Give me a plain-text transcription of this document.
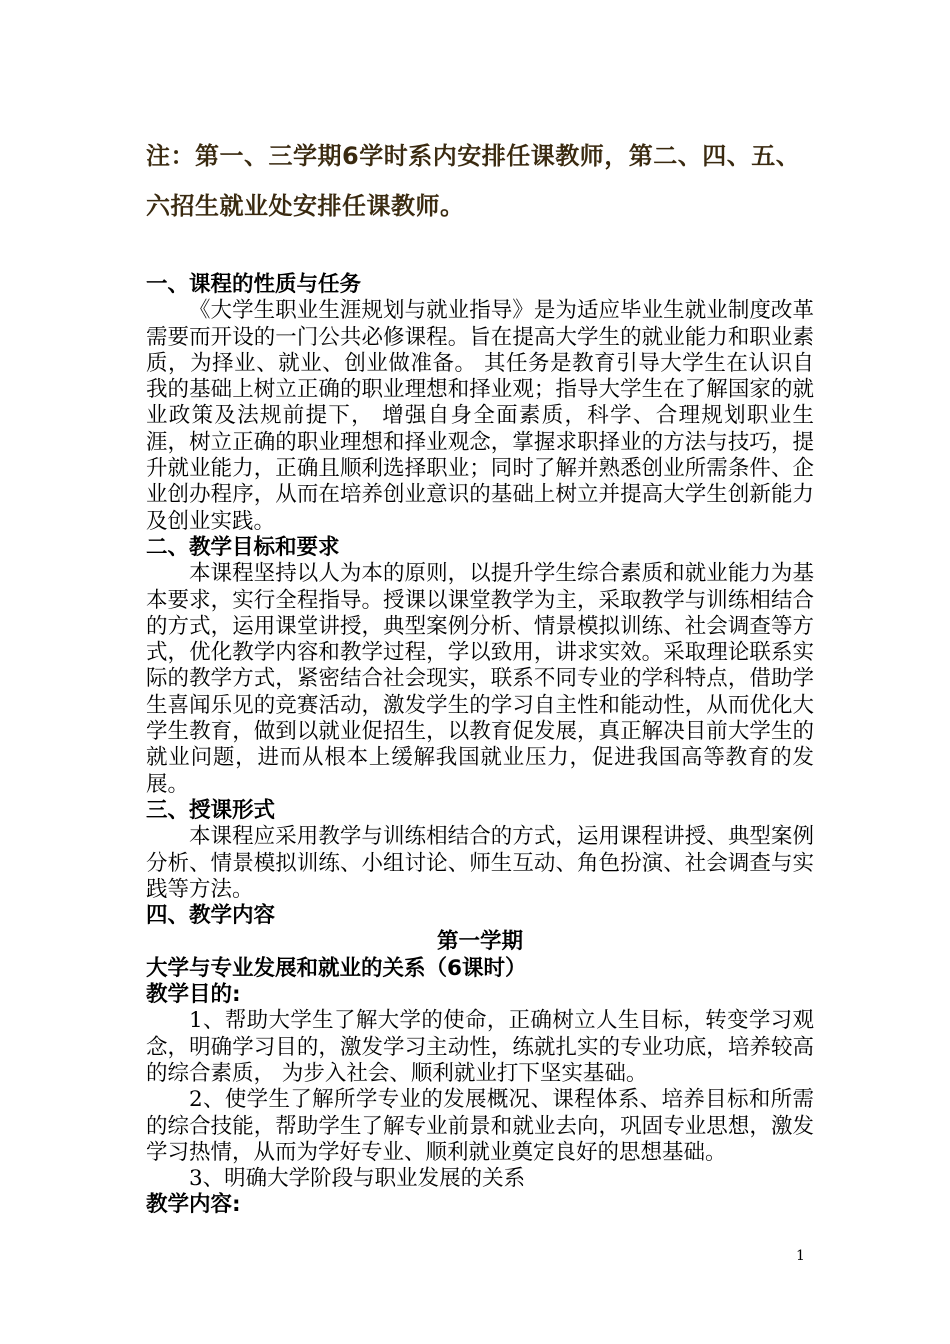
注：第一、三学期6学时系内安排任课教师，第二、四、五、
六招生就业处安排任课教师。

一、课程的性质与任务

《大学生职业生涯规划与就业指导》是为适应毕业生就业制度改革需要而开设的一门公共必修课程。旨在提高大学生的就业能力和职业素质，为择业、就业、创业做准备。 其任务是教育引导大学生在认识自我的基础上树立正确的职业理想和择业观；指导大学生在了解国家的就业政策及法规前提下， 增强自身全面素质，科学、合理规划职业生涯，树立正确的职业理想和择业观念，掌握求职择业的方法与技巧，提升就业能力，正确且顺利选择职业；同时了解并熟悉创业所需条件、企业创办程序，从而在培养创业意识的基础上树立并提高大学生创新能力及创业实践。

二、教学目标和要求

本课程坚持以人为本的原则，以提升学生综合素质和就业能力为基本要求，实行全程指导。授课以课堂教学为主，采取教学与训练相结合的方式，运用课堂讲授，典型案例分析、情景模拟训练、社会调查等方式，优化教学内容和教学过程，学以致用，讲求实效。采取理论联系实际的教学方式，紧密结合社会现实，联系不同专业的学科特点，借助学生喜闻乐见的竞赛活动，激发学生的学习自主性和能动性，从而优化大学生教育，做到以就业促招生，以教育促发展，真正解决目前大学生的就业问题，进而从根本上缓解我国就业压力，促进我国高等教育的发展。

三、授课形式

本课程应采用教学与训练相结合的方式，运用课程讲授、典型案例分析、情景模拟训练、小组讨论、师生互动、角色扮演、社会调查与实践等方法。

四、教学内容

第一学期

大学与专业发展和就业的关系（6课时）

教学目的:

1、帮助大学生了解大学的使命，正确树立人生目标，转变学习观念，明确学习目的，激发学习主动性，练就扎实的专业功底，培养较高的综合素质， 为步入社会、顺利就业打下坚实基础。

2、使学生了解所学专业的发展概况、课程体系、培养目标和所需的综合技能，帮助学生了解专业前景和就业去向，巩固专业思想，激发学习热情，从而为学好专业、顺利就业奠定良好的思想基础。

3、明确大学阶段与职业发展的关系

教学内容:

1
